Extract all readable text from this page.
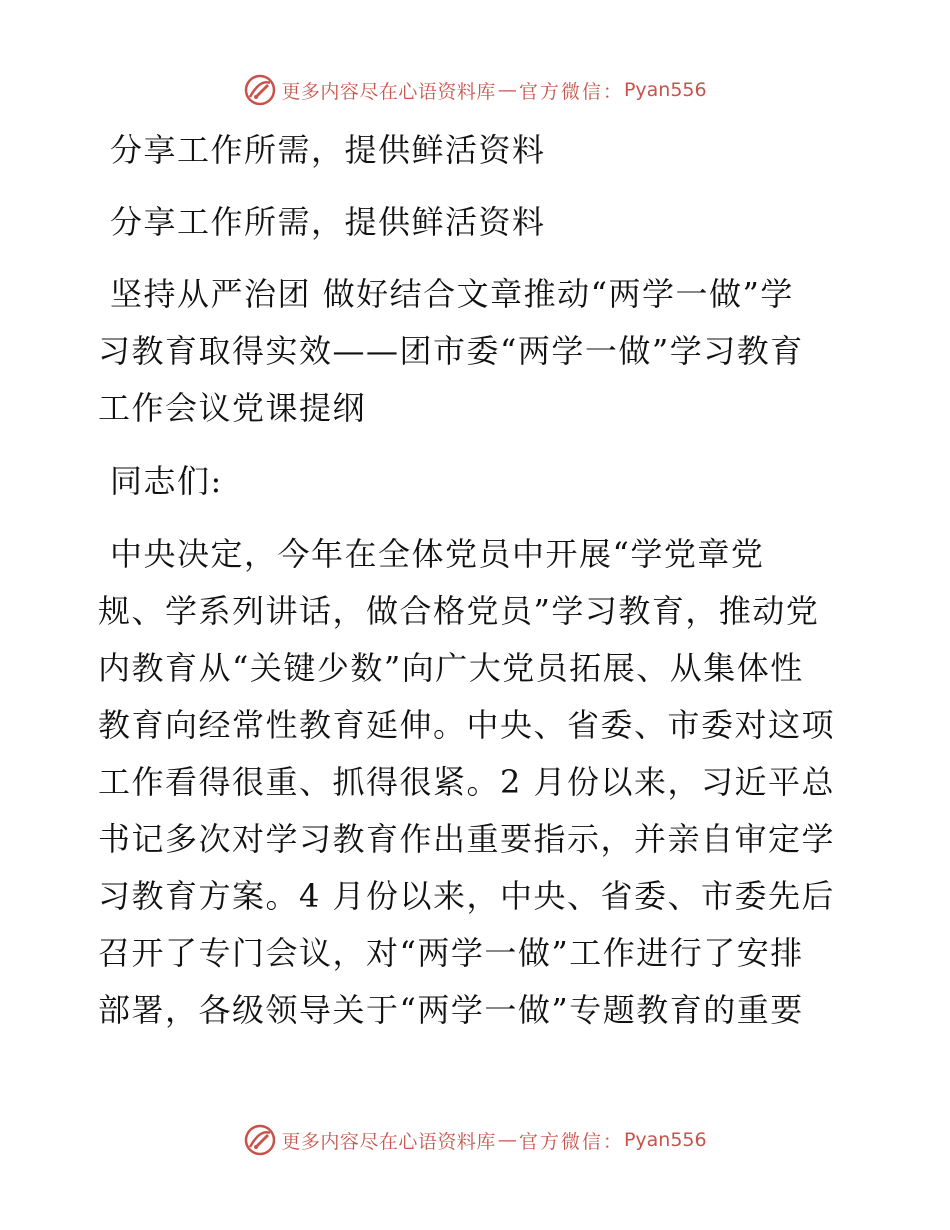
更多内容尽在心语资料库 — 官方微信： Pyan556

分享工作所需，提供鲜活资料

分享工作所需，提供鲜活资料

坚持从严治团 做好结合文章推动“两学一做”学

习教育取得实效——团市委“两学一做”学习教育

工作会议党课提纲

同志们:

中央决定，今年在全体党员中开展“学党章党

规、学系列讲话，做合格党员”学习教育，推动党

内教育从“关键少数”向广大党员拓展、从集体性

教育向经常性教育延伸。中央、省委、市委对这项

工作看得很重、抓得很紧。2 月份以来，习近平总

书记多次对学习教育作出重要指示，并亲自审定学

习教育方案。4 月份以来，中央、省委、市委先后

召开了专门会议，对“两学一做”工作进行了安排

部署，各级领导关于“两学一做”专题教育的重要

更多内容尽在心语资料库 — 官方微信： Pyan556
